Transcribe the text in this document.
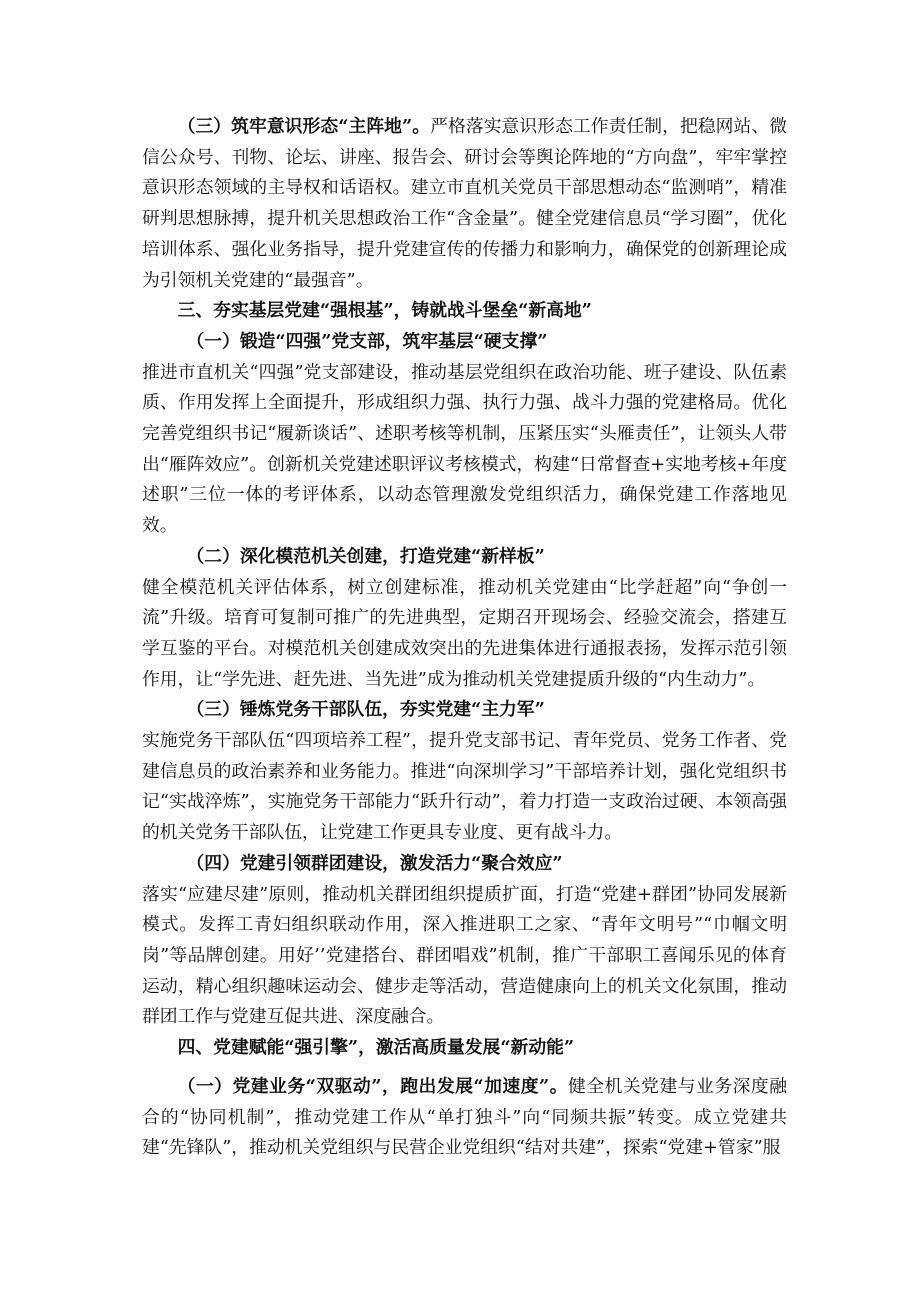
（三）筑牢意识形态“主阵地”。严格落实意识形态工作责任制，把稳网站、微信公众号、刊物、论坛、讲座、报告会、研讨会等舆论阵地的“方向盘”，牢牢掌控意识形态领域的主导权和话语权。建立市直机关党员干部思想动态“监测哨”，精准研判思想脉搏，提升机关思想政治工作“含金量”。健全党建信息员“学习圈”，优化培训体系、强化业务指导，提升党建宣传的传播力和影响力，确保党的创新理论成为引领机关党建的“最强音”。

三、夯实基层党建“强根基”，铸就战斗堡垒“新高地”

（一）锻造“四强”党支部，筑牢基层“硬支撑”

推进市直机关“四强”党支部建设，推动基层党组织在政治功能、班子建设、队伍素质、作用发挥上全面提升，形成组织力强、执行力强、战斗力强的党建格局。优化完善党组织书记“履新谈话”、述职考核等机制，压紧压实“头雁责任”，让领头人带出“雁阵效应”。创新机关党建述职评议考核模式，构建“日常督查+实地考核+年度述职”三位一体的考评体系，以动态管理激发党组织活力，确保党建工作落地见效。

（二）深化模范机关创建，打造党建“新样板”

健全模范机关评估体系，树立创建标准，推动机关党建由“比学赶超”向“争创一流”升级。培育可复制可推广的先进典型，定期召开现场会、经验交流会，搭建互学互鉴的平台。对模范机关创建成效突出的先进集体进行通报表扬，发挥示范引领作用，让“学先进、赶先进、当先进”成为推动机关党建提质升级的“内生动力”。

（三）锤炼党务干部队伍，夯实党建“主力军”

实施党务干部队伍“四项培养工程”，提升党支部书记、青年党员、党务工作者、党建信息员的政治素养和业务能力。推进“向深圳学习”干部培养计划，强化党组织书记“实战淬炼”，实施党务干部能力“跃升行动”，着力打造一支政治过硬、本领高强的机关党务干部队伍，让党建工作更具专业度、更有战斗力。

（四）党建引领群团建设，激发活力“聚合效应”

落实“应建尽建”原则，推动机关群团组织提质扩面，打造“党建+群团”协同发展新模式。发挥工青妇组织联动作用，深入推进职工之家、“青年文明号”“巾帼文明岗”等品牌创建。用好’’党建搭台、群团唱戏”机制，推广干部职工喜闻乐见的体育运动，精心组织趣味运动会、健步走等活动，营造健康向上的机关文化氛围，推动群团工作与党建互促共进、深度融合。

四、党建赋能“强引擎”，激活高质量发展“新动能”

（一）党建业务“双驱动”，跑出发展“加速度”。健全机关党建与业务深度融合的“协同机制”，推动党建工作从“单打独斗”向“同频共振”转变。成立党建共建“先锋队”，推动机关党组织与民营企业党组织“结对共建”，探索“党建+管家”服
